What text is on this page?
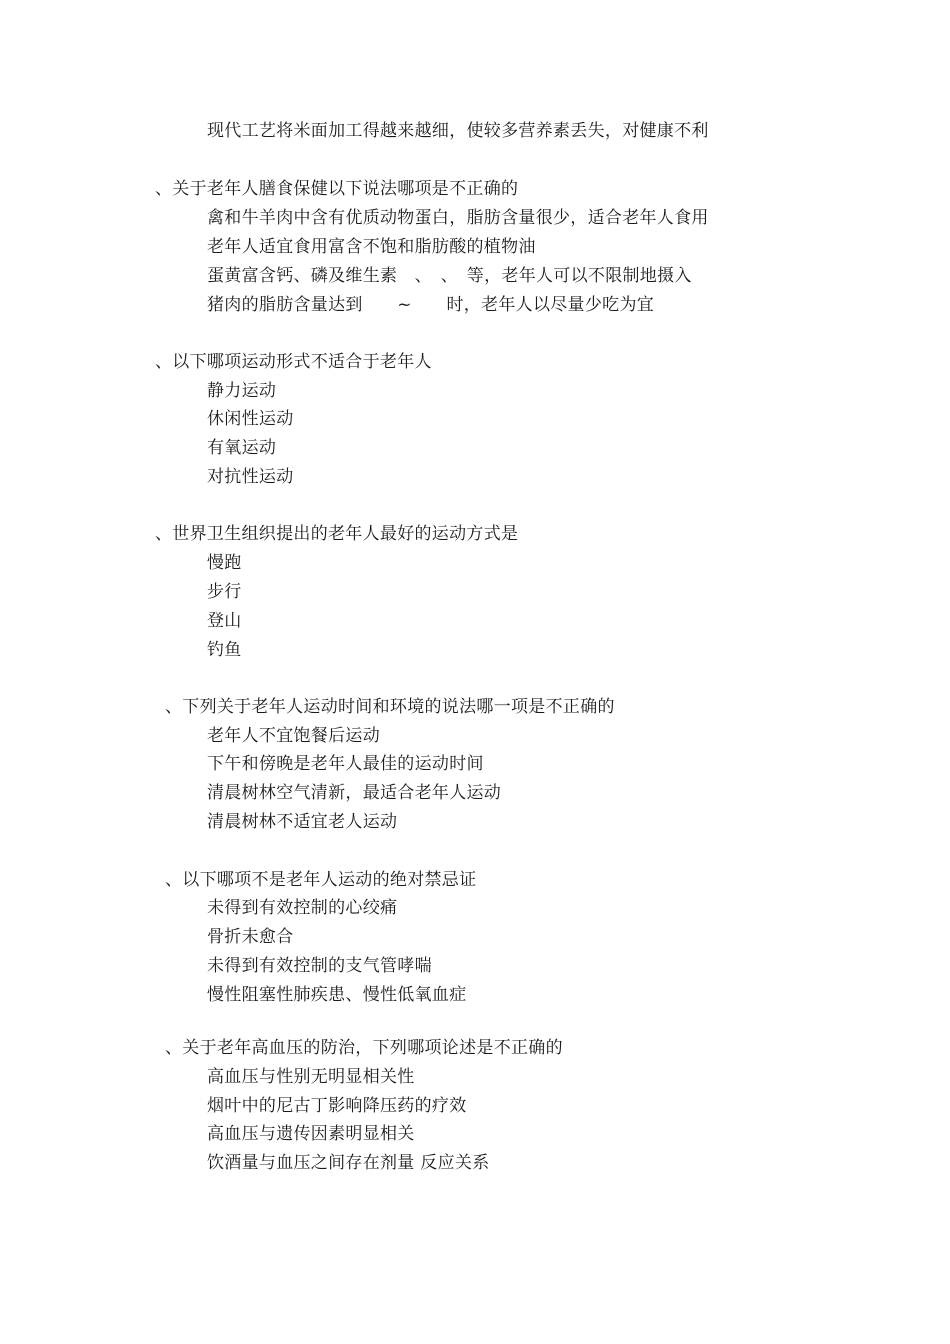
现代工艺将米面加工得越来越细，使较多营养素丢失，对健康不利
、关于老年人膳食保健以下说法哪项是不正确的
禽和牛羊肉中含有优质动物蛋白，脂肪含量很少，适合老年人食用
老年人适宜食用富含不饱和脂肪酸的植物油
蛋黄富含钙、磷及维生素　、　、　等，老年人可以不限制地摄入
猪肉的脂肪含量达到　　~　　时，老年人以尽量少吃为宜
、以下哪项运动形式不适合于老年人
静力运动
休闲性运动
有氧运动
对抗性运动
、世界卫生组织提出的老年人最好的运动方式是
慢跑
步行
登山
钓鱼
、下列关于老年人运动时间和环境的说法哪一项是不正确的
老年人不宜饱餐后运动
下午和傍晚是老年人最佳的运动时间
清晨树林空气清新，最适合老年人运动
清晨树林不适宜老人运动
、以下哪项不是老年人运动的绝对禁忌证
未得到有效控制的心绞痛
骨折未愈合
未得到有效控制的支气管哮喘
慢性阻塞性肺疾患、慢性低氧血症
、关于老年高血压的防治，下列哪项论述是不正确的
高血压与性别无明显相关性
烟叶中的尼古丁影响降压药的疗效
高血压与遗传因素明显相关
饮酒量与血压之间存在剂量 反应关系
